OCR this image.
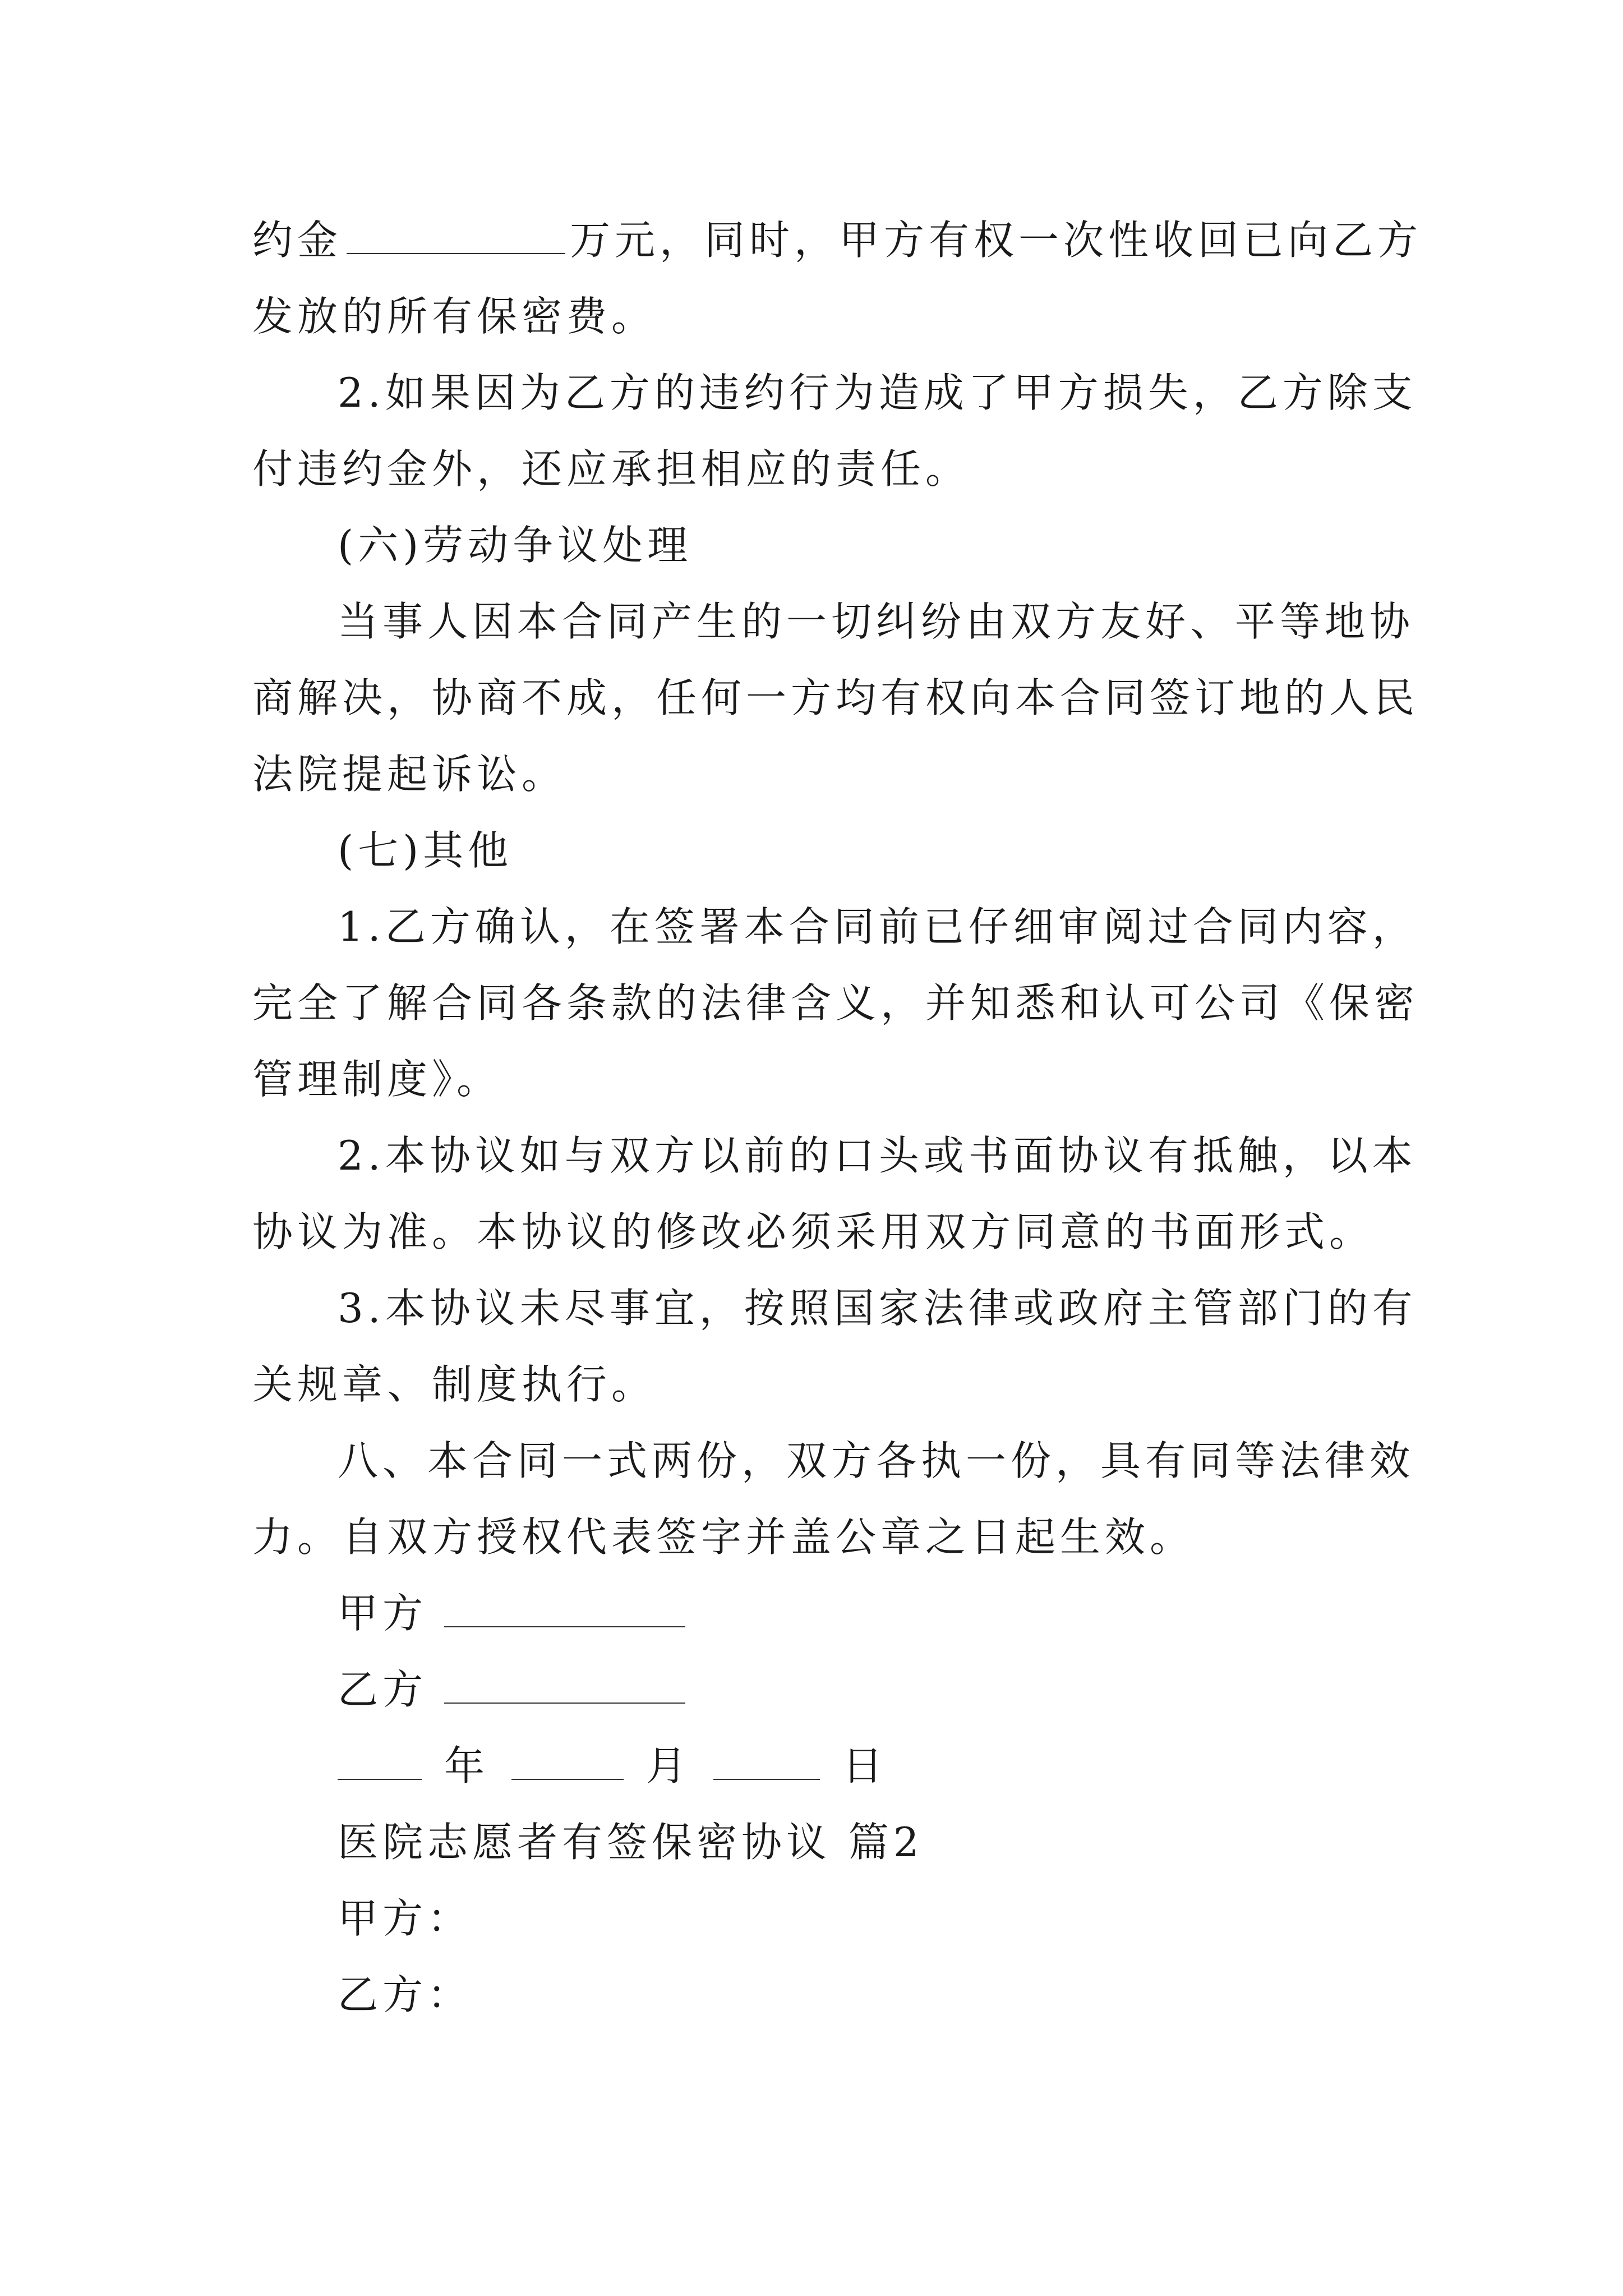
约金	万元，同时，甲方有权一次性收回已向乙方
发放的所有保密费。
2.如果因为乙方的违约行为造成了甲方损失，乙方除支
付违约金外，还应承担相应的责任。
(六)劳动争议处理
当事人因本合同产生的一切纠纷由双方友好、平等地协
商解决，协商不成，任何一方均有权向本合同签订地的人民
法院提起诉讼。
(七)其他
1.乙方确认，在签署本合同前已仔细审阅过合同内容，
完全了解合同各条款的法律含义，并知悉和认可公司《保密
管理制度》。
2.本协议如与双方以前的口头或书面协议有抵触，以本
协议为准。本协议的修改必须采用双方同意的书面形式。
3.本协议未尽事宜，按照国家法律或政府主管部门的有
关规章、制度执行。
八、本合同一式两份，双方各执一份，具有同等法律效
力。自双方授权代表签字并盖公章之日起生效。
甲方
乙方
年	月	日
医院志愿者有签保密协议 篇2
甲方：
乙方：
